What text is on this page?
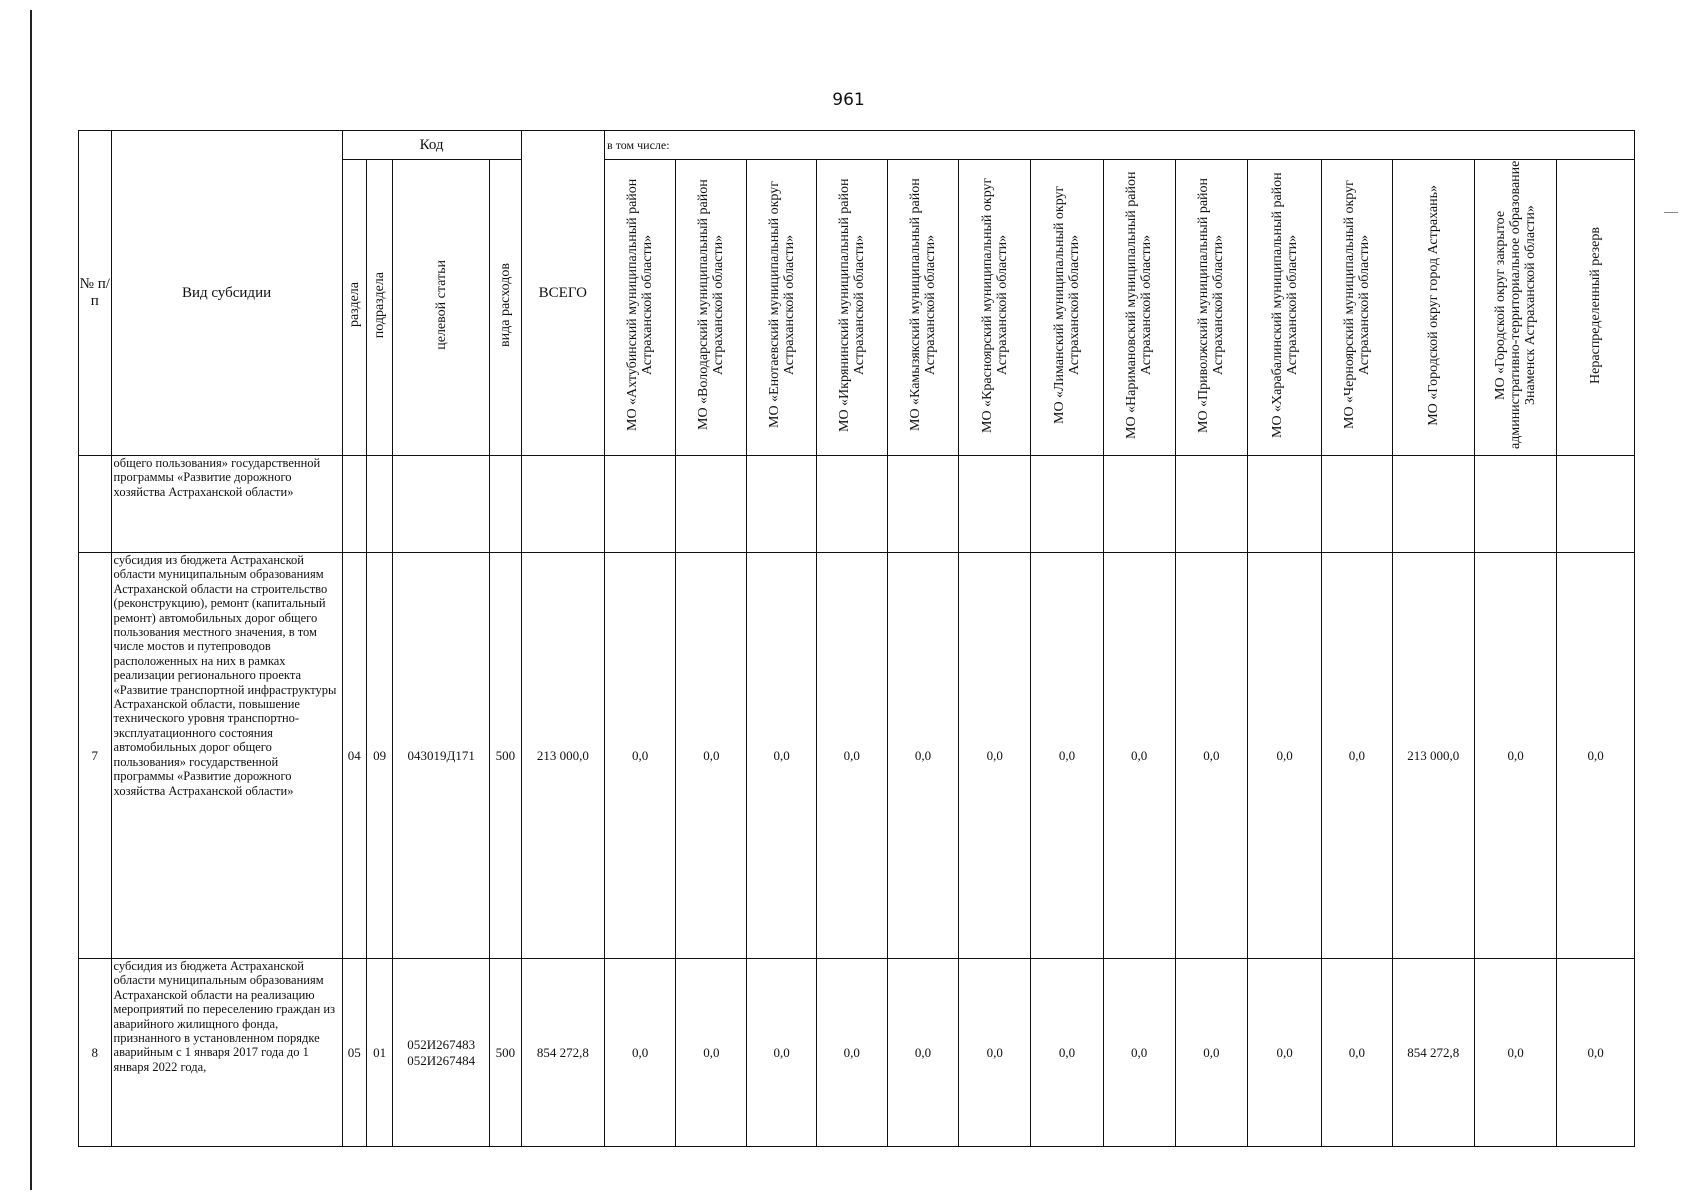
961
№ п/п	Вид субсидии	Код				ВСЕГО	в том числе:													
		раздела	подраздела	целевой статьи	вида расходов		МО «Ахтубинский муниципальный район Астраханской области»	МО «Володарский муниципальный район Астраханской области»	МО «Енотаевский муниципальный округ Астраханской области»	МО «Икрянинский муниципальный район Астраханской области»	МО «Камызякский муниципальный район Астраханской области»	МО «Красноярский муниципальный округ Астраханской области»	МО «Лиманский муниципальный округ Астраханской области»	МО «Наримановский муниципальный район Астраханской области»	МО «Приволжский муниципальный район Астраханской области»	МО «Харабалинский муниципальный район Астраханской области»	МО «Черноярский муниципальный округ Астраханской области»	МО «Городской округ город Астрахань»	МО «Городской округ закрытое административно-территориальное образование Знаменск Астраханской области»	Нераспределенный резерв
	общего пользования» государственной программы «Развитие дорожного хозяйства Астраханской области»																			
7	субсидия из бюджета Астраханской области муниципальным образованиям Астраханской области на строительство (реконструкцию), ремонт (капитальный ремонт) автомобильных дорог общего пользования местного значения, в том числе мостов и путепроводов расположенных на них в рамках реализации регионального проекта «Развитие транспортной инфраструктуры Астраханской области, повышение технического уровня транспортно-эксплуатационного состояния автомобильных дорог общего пользования» государственной программы «Развитие дорожного хозяйства Астраханской области»	04	09	043019Д171	500	213 000,0	0,0	0,0	0,0	0,0	0,0	0,0	0,0	0,0	0,0	0,0	0,0	213 000,0	0,0	0,0
8	субсидия из бюджета Астраханской области муниципальным образованиям Астраханской области на реализацию мероприятий по переселению граждан из аварийного жилищного фонда, признанного в установленном порядке аварийным с 1 января 2017 года до 1 января 2022 года,	05	01	052И267483 052И267484	500	854 272,8	0,0	0,0	0,0	0,0	0,0	0,0	0,0	0,0	0,0	0,0	0,0	854 272,8	0,0	0,0
